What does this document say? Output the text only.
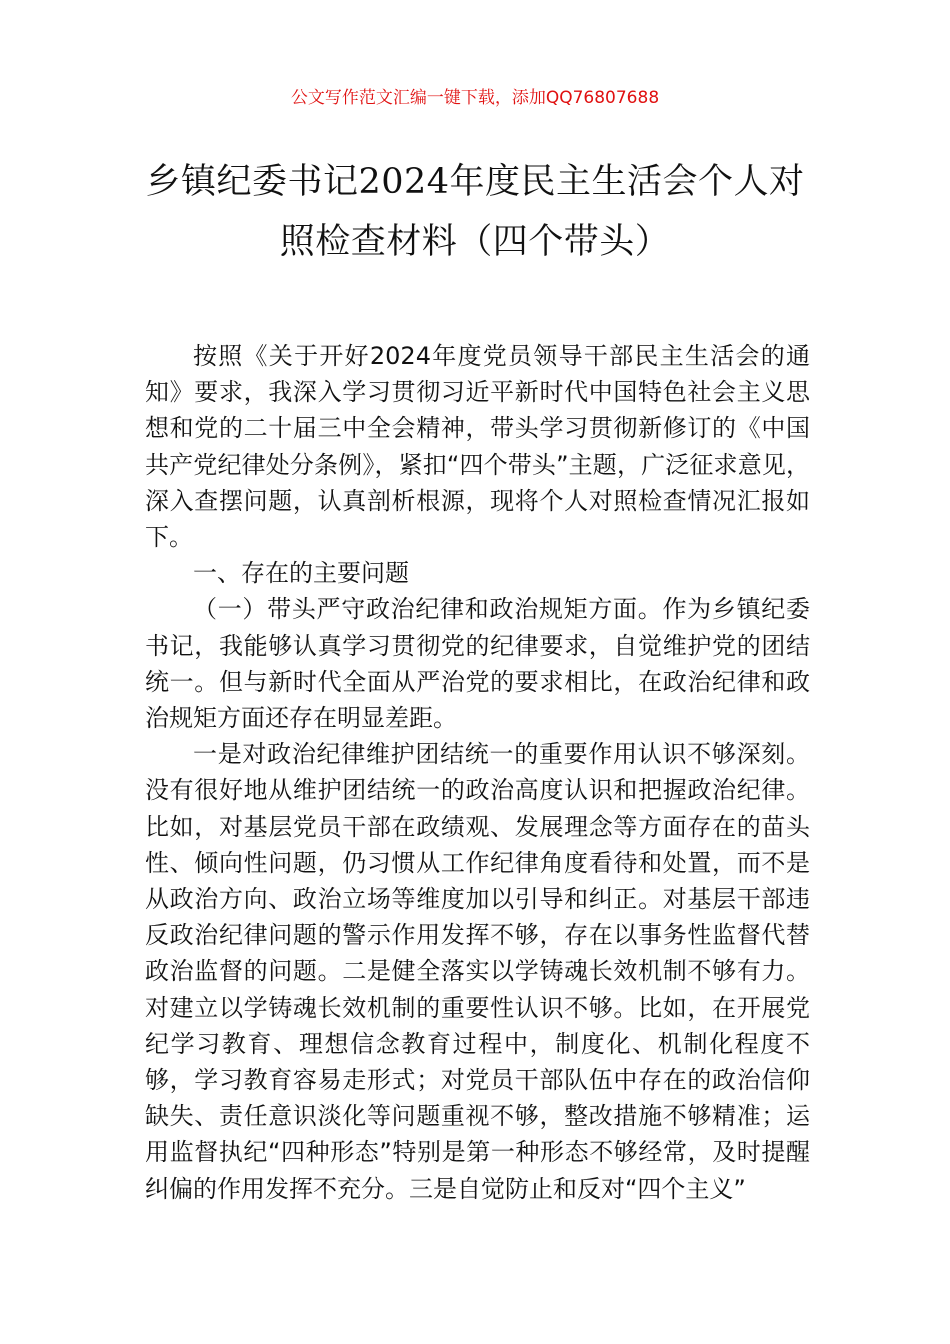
公文写作范文汇编一键下载，添加QQ76807688
乡镇纪委书记2024年度民主生活会个人对
照检查材料（四个带头）

按照《关于开好2024年度党员领导干部民主生活会的通知》要求，我深入学习贯彻习近平新时代中国特色社会主义思想和党的二十届三中全会精神，带头学习贯彻新修订的《中国共产党纪律处分条例》，紧扣“四个带头”主题，广泛征求意见，深入查摆问题，认真剖析根源，现将个人对照检查情况汇报如下。

一、存在的主要问题

（一）带头严守政治纪律和政治规矩方面。作为乡镇纪委书记，我能够认真学习贯彻党的纪律要求，自觉维护党的团结统一。但与新时代全面从严治党的要求相比，在政治纪律和政治规矩方面还存在明显差距。

一是对政治纪律维护团结统一的重要作用认识不够深刻。没有很好地从维护团结统一的政治高度认识和把握政治纪律。比如，对基层党员干部在政绩观、发展理念等方面存在的苗头性、倾向性问题，仍习惯从工作纪律角度看待和处置，而不是从政治方向、政治立场等维度加以引导和纠正。对基层干部违反政治纪律问题的警示作用发挥不够，存在以事务性监督代替政治监督的问题。二是健全落实以学铸魂长效机制不够有力。对建立以学铸魂长效机制的重要性认识不够。比如，在开展党纪学习教育、理想信念教育过程中，制度化、机制化程度不够，学习教育容易走形式；对党员干部队伍中存在的政治信仰缺失、责任意识淡化等问题重视不够，整改措施不够精准；运用监督执纪“四种形态”特别是第一种形态不够经常，及时提醒纠偏的作用发挥不充分。三是自觉防止和反对“四个主义”
